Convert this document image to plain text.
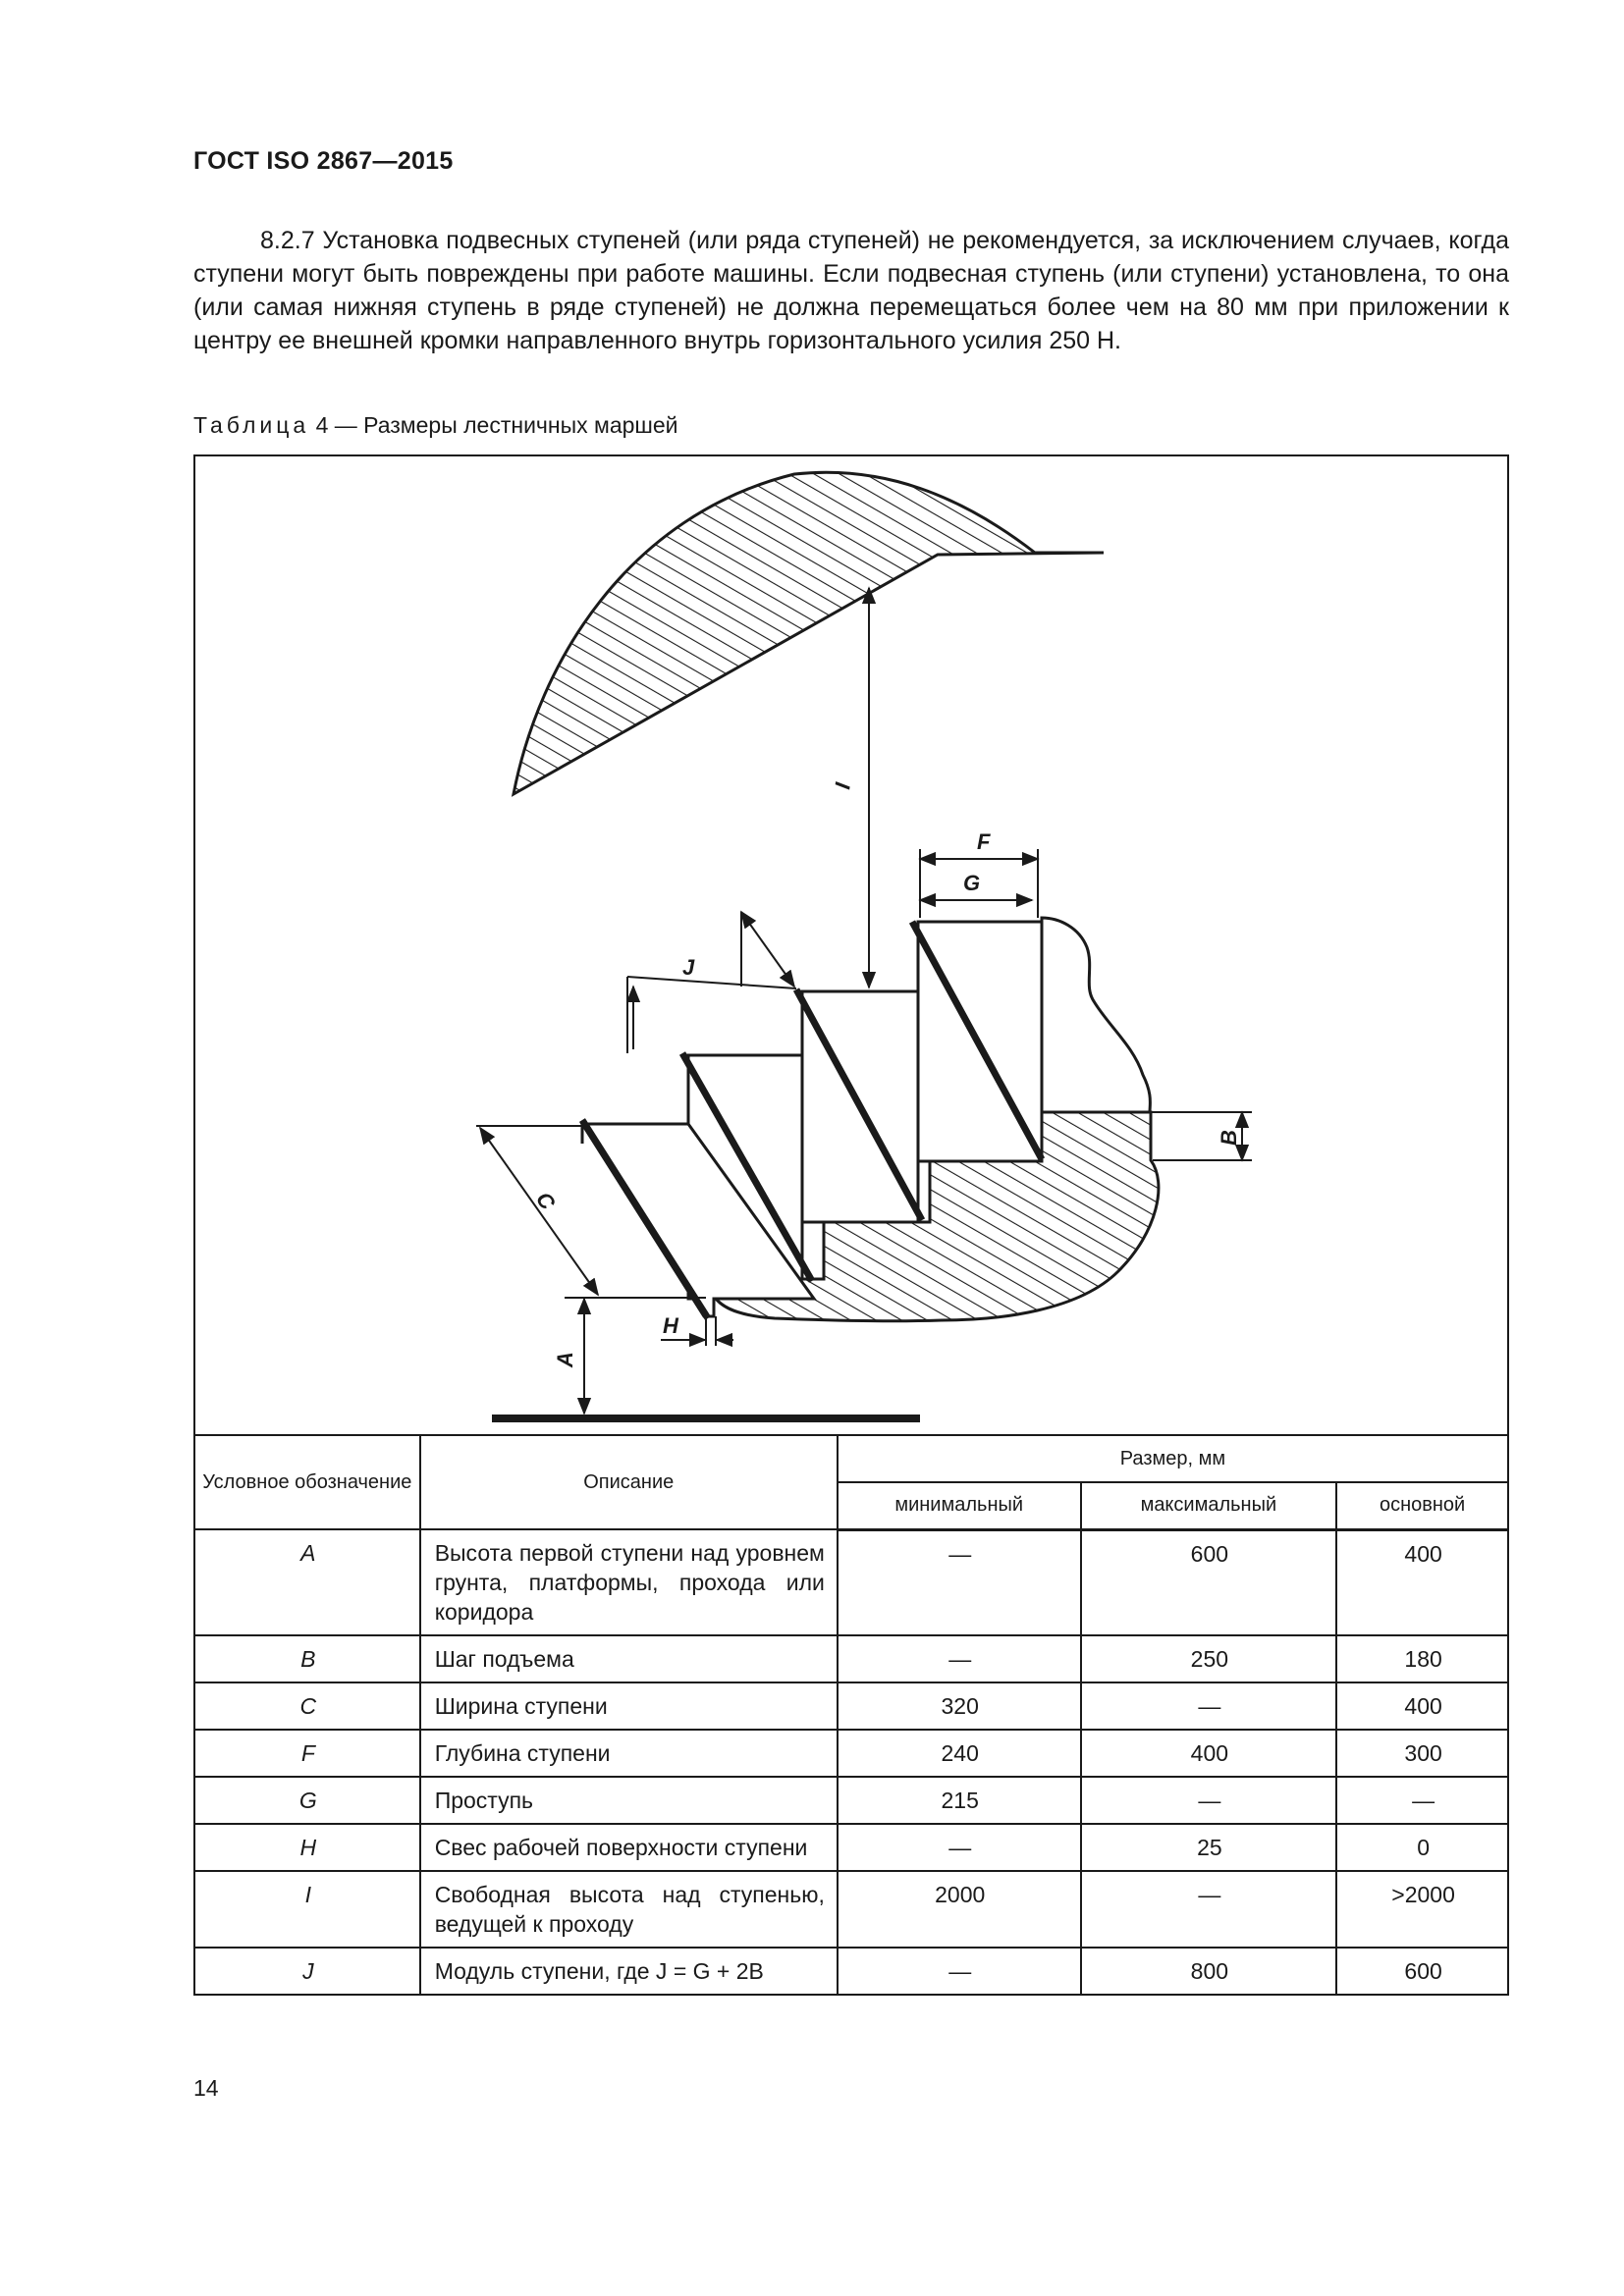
ГОСТ ISO 2867—2015

8.2.7 Установка подвесных ступеней (или ряда ступеней) не рекомендуется, за исключением случаев, когда ступени могут быть повреждены при работе машины. Если подвесная ступень (или ступени) установлена, то она (или самая нижняя ступень в ряде ступеней) не должна перемещаться более чем на 80 мм при приложении к центру ее внешней кромки направленного внутрь горизонтального усилия 250 Н.

Таблица 4 — Размеры лестничных маршей
I
F
G
J
B
C
A
H
Условное обозначение	Описание	Размер, мм		
		минимальный	максимальный	основной
A	Высота первой ступени над уровнем грунта, платформы, прохода или коридора	—	600	400
B	Шаг подъема	—	250	180
C	Ширина ступени	320	—	400
F	Глубина ступени	240	400	300
G	Проступь	215	—	—
H	Свес рабочей поверхности ступени	—	25	0
I	Свободная высота над ступенью, ведущей к проходу	2000	—	>2000
J	Модуль ступени, где J = G + 2B	—	800	600
14
